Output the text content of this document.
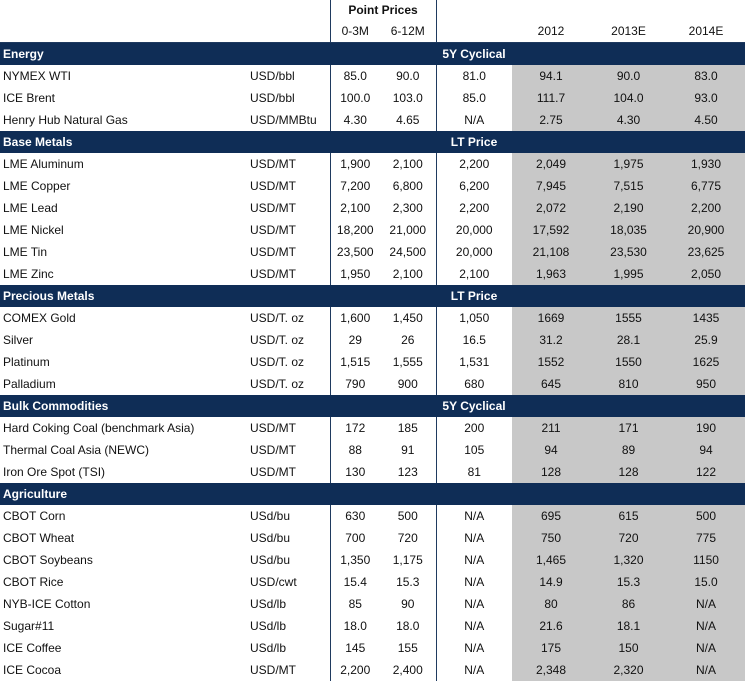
		Point Prices					
		0-3M	6-12M		2012	2013E	2014E
Energy				5Y Cyclical			
NYMEX WTI	USD/bbl	85.0	90.0	81.0	94.1	90.0	83.0
ICE Brent	USD/bbl	100.0	103.0	85.0	111.7	104.0	93.0
Henry Hub Natural Gas	USD/MMBtu	4.30	4.65	N/A	2.75	4.30	4.50
Base Metals				LT Price			
LME Aluminum	USD/MT	1,900	2,100	2,200	2,049	1,975	1,930
LME Copper	USD/MT	7,200	6,800	6,200	7,945	7,515	6,775
LME Lead	USD/MT	2,100	2,300	2,200	2,072	2,190	2,200
LME Nickel	USD/MT	18,200	21,000	20,000	17,592	18,035	20,900
LME Tin	USD/MT	23,500	24,500	20,000	21,108	23,530	23,625
LME Zinc	USD/MT	1,950	2,100	2,100	1,963	1,995	2,050
Precious Metals				LT Price			
COMEX Gold	USD/T. oz	1,600	1,450	1,050	1669	1555	1435
Silver	USD/T. oz	29	26	16.5	31.2	28.1	25.9
Platinum	USD/T. oz	1,515	1,555	1,531	1552	1550	1625
Palladium	USD/T. oz	790	900	680	645	810	950
Bulk Commodities				5Y Cyclical			
Hard Coking Coal (benchmark Asia)	USD/MT	172	185	200	211	171	190
Thermal Coal Asia (NEWC)	USD/MT	88	91	105	94	89	94
Iron Ore Spot (TSI)	USD/MT	130	123	81	128	128	122
Agriculture							
CBOT Corn	USd/bu	630	500	N/A	695	615	500
CBOT Wheat	USd/bu	700	720	N/A	750	720	775
CBOT Soybeans	USd/bu	1,350	1,175	N/A	1,465	1,320	1150
CBOT Rice	USD/cwt	15.4	15.3	N/A	14.9	15.3	15.0
NYB-ICE Cotton	USd/lb	85	90	N/A	80	86	N/A
Sugar#11	USd/lb	18.0	18.0	N/A	21.6	18.1	N/A
ICE Coffee	USd/lb	145	155	N/A	175	150	N/A
ICE Cocoa	USD/MT	2,200	2,400	N/A	2,348	2,320	N/A
